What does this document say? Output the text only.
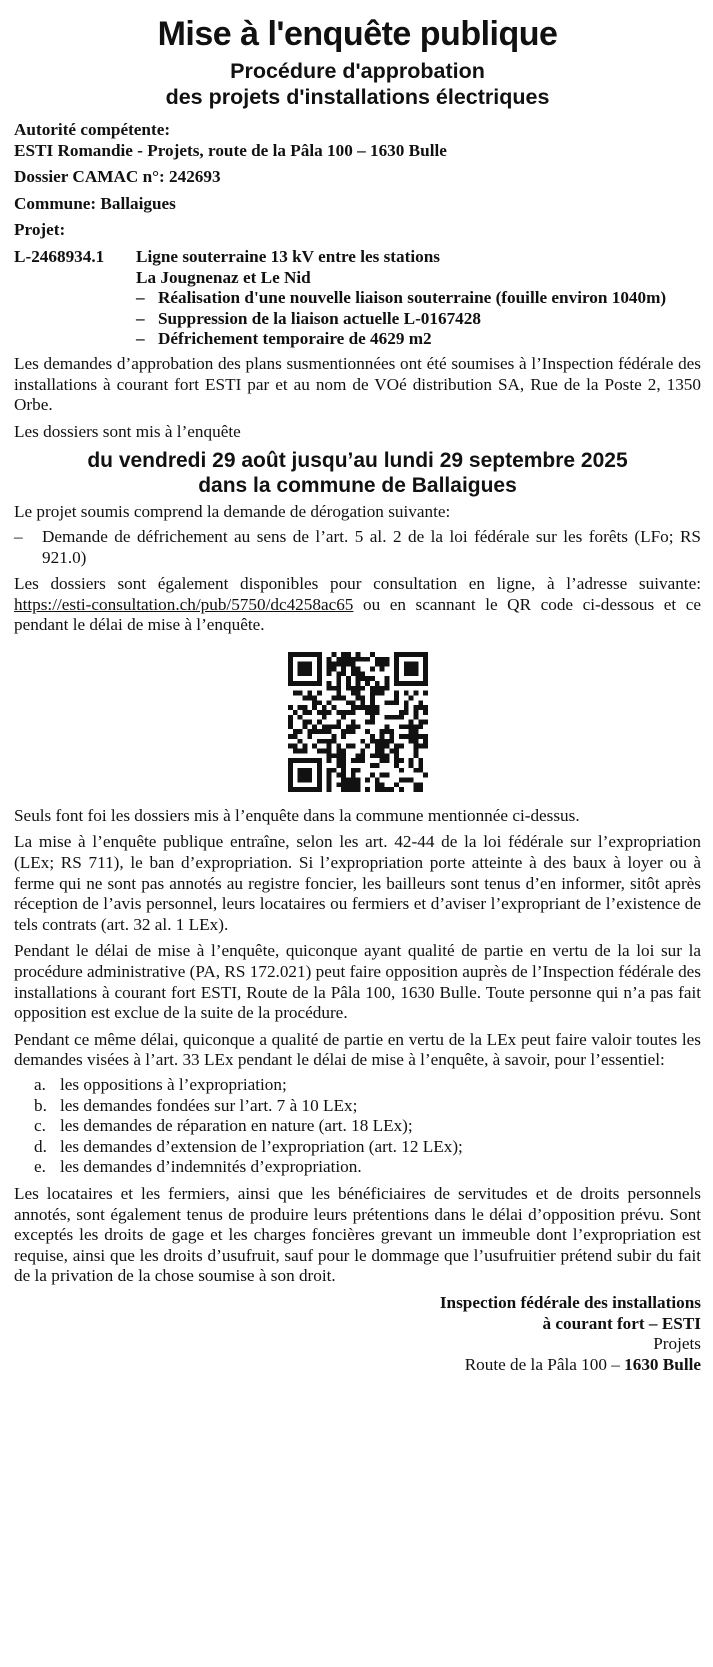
Mise à l'enquête publique
Procédure d'approbation
des projets d'installations électriques

Autorité compétente:

ESTI Romandie - Projets, route de la Pâla 100 – 1630 Bulle

Dossier CAMAC n°: 242693

Commune: Ballaigues

Projet:

L-2468934.1	Ligne souterraine 13 kV entre les stations
La Jougnenaz et Le Nid
– Réalisation d'une nouvelle liaison souterraine (fouille environ 1040m)
– Suppression de la liaison actuelle L-0167428
– Défrichement temporaire de 4629 m2

Les demandes d’approbation des plans susmentionnées ont été soumises à l’Inspection fédérale des installations à courant fort ESTI par et au nom de VOé distribution SA, Rue de la Poste 2, 1350 Orbe.

Les dossiers sont mis à l’enquête

du vendredi 29 août jusqu’au lundi 29 septembre 2025
dans la commune de Ballaigues

Le projet soumis comprend la demande de dérogation suivante:

–	Demande de défrichement au sens de l’art. 5 al. 2 de la loi fédérale sur les forêts (LFo; RS 921.0)

Les dossiers sont également disponibles pour consultation en ligne, à l’adresse suivante: https://esti-consultation.ch/pub/5750/dc4258ac65 ou en scannant le QR code ci-dessous et ce pendant le délai de mise à l’enquête.

Seuls font foi les dossiers mis à l’enquête dans la commune mentionnée ci-dessus.

La mise à l’enquête publique entraîne, selon les art. 42-44 de la loi fédérale sur l’expropriation (LEx; RS 711), le ban d’expropriation. Si l’expropriation porte atteinte à des baux à loyer ou à ferme qui ne sont pas annotés au registre foncier, les bailleurs sont tenus d’en informer, sitôt après réception de l’avis personnel, leurs locataires ou fermiers et d’aviser l’expropriant de l’existence de tels contrats (art. 32 al. 1 LEx).

Pendant le délai de mise à l’enquête, quiconque ayant qualité de partie en vertu de la loi sur la procédure administrative (PA, RS 172.021) peut faire opposition auprès de l’Inspection fédérale des installations à courant fort ESTI, Route de la Pâla 100, 1630 Bulle. Toute personne qui n’a pas fait opposition est exclue de la suite de la procédure.

Pendant ce même délai, quiconque a qualité de partie en vertu de la LEx peut faire valoir toutes les demandes visées à l’art. 33 LEx pendant le délai de mise à l’enquête, à savoir, pour l’essentiel:

a. les oppositions à l’expropriation;
b. les demandes fondées sur l’art. 7 à 10 LEx;
c. les demandes de réparation en nature (art. 18 LEx);
d. les demandes d’extension de l’expropriation (art. 12 LEx);
e. les demandes d’indemnités d’expropriation.

Les locataires et les fermiers, ainsi que les bénéficiaires de servitudes et de droits personnels annotés, sont également tenus de produire leurs prétentions dans le délai d’opposition prévu. Sont exceptés les droits de gage et les charges foncières grevant un immeuble dont l’expropriation est requise, ainsi que les droits d’usufruit, sauf pour le dommage que l’usufruitier prétend subir du fait de la privation de la chose soumise à son droit.

Inspection fédérale des installations
à courant fort – ESTI
Projets
Route de la Pâla 100 – 1630 Bulle
